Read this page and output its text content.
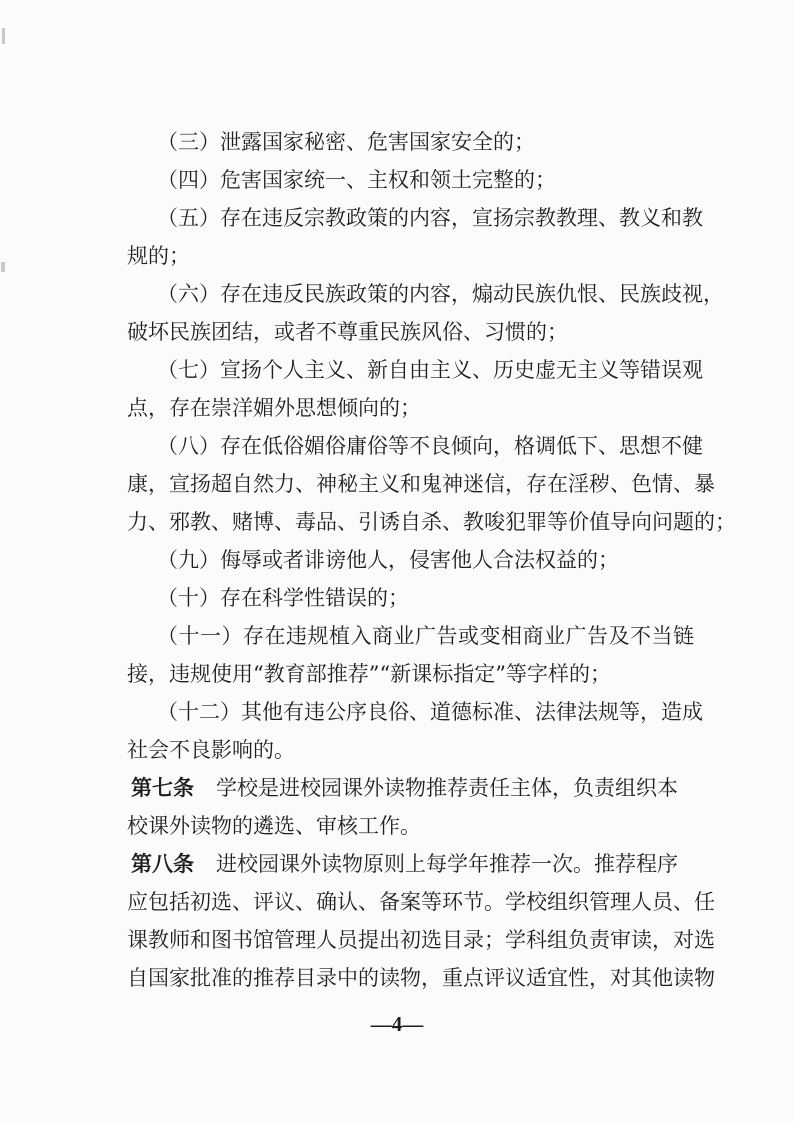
（三）泄露国家秘密、危害国家安全的；
（四）危害国家统一、主权和领土完整的；
（五）存在违反宗教政策的内容，宣扬宗教教理、教义和教
规的；
（六）存在违反民族政策的内容，煽动民族仇恨、民族歧视，
破坏民族团结，或者不尊重民族风俗、习惯的；
（七）宣扬个人主义、新自由主义、历史虚无主义等错误观
点，存在崇洋媚外思想倾向的；
（八）存在低俗媚俗庸俗等不良倾向，格调低下、思想不健
康，宣扬超自然力、神秘主义和鬼神迷信，存在淫秽、色情、暴
力、邪教、赌博、毒品、引诱自杀、教唆犯罪等价值导向问题的；
（九）侮辱或者诽谤他人，侵害他人合法权益的；
（十）存在科学性错误的；
（十一）存在违规植入商业广告或变相商业广告及不当链
接，违规使用“教育部推荐”“新课标指定”等字样的；
（十二）其他有违公序良俗、道德标准、法律法规等，造成
社会不良影响的。
第七条 学校是进校园课外读物推荐责任主体，负责组织本
校课外读物的遴选、审核工作。
第八条 进校园课外读物原则上每学年推荐一次。推荐程序
应包括初选、评议、确认、备案等环节。学校组织管理人员、任
课教师和图书馆管理人员提出初选目录；学科组负责审读，对选
自国家批准的推荐目录中的读物，重点评议适宜性，对其他读物
—4—
